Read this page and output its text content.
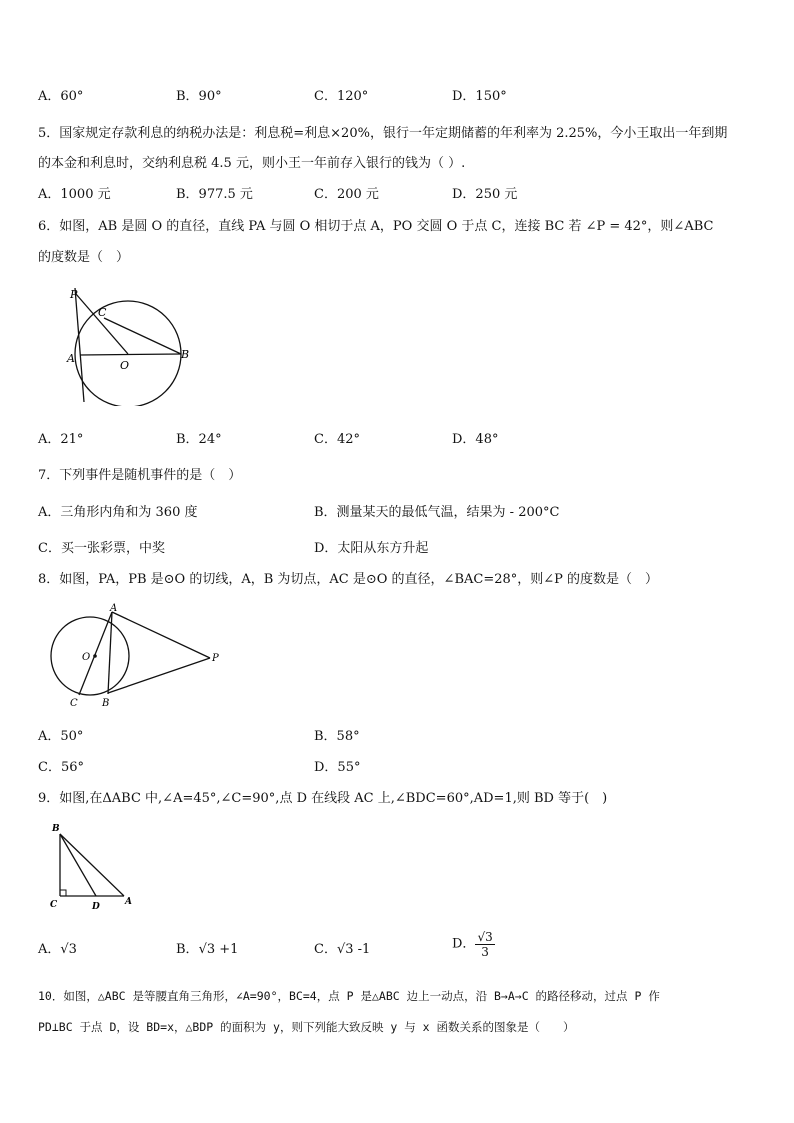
A．60°	B．90°	C．120°	D．150°
5．国家规定存款利息的纳税办法是：利息税=利息×20%，银行一年定期储蓄的年利率为 2.25%，今小王取出一年到期
的本金和利息时，交纳利息税 4.5 元，则小王一年前存入银行的钱为（ ）.
A．1000 元	B．977.5 元	C．200 元	D．250 元
6．如图，AB 是圆 O 的直径，直线 PA 与圆 O 相切于点 A，PO 交圆 O 于点 C，连接 BC 若 ∠P = 42°，则∠ABC
的度数是（　）
P
C
A
O
B
A．21°	B．24°	C．42°	D．48°
7．下列事件是随机事件的是（　）
A．三角形内角和为 360 度	B．测量某天的最低气温，结果为 - 200°C
C．买一张彩票，中奖	D．太阳从东方升起
8．如图，PA，PB 是⊙O 的切线，A，B 为切点，AC 是⊙O 的直径，∠BAC=28°，则∠P 的度数是（　）
A
O	P
C B
A．50°	B．58°
C．56°	D．55°
9．如图,在ΔABC 中,∠A=45°,∠C=90°,点 D 在线段 AC 上,∠BDC=60°,AD=1,则 BD 等于(　)
B
C	D	A
A．√3	B．√3 +1	C．√3 -1	D． $\frac{√3}{3}$
10．如图，△ABC 是等腰直角三角形，∠A=90°，BC=4，点 P 是△ABC 边上一动点，沿 B→A→C 的路径移动，过点 P 作
PD⊥BC 于点 D，设 BD=x，△BDP 的面积为 y，则下列能大致反映 y 与 x 函数关系的图象是（　　）
